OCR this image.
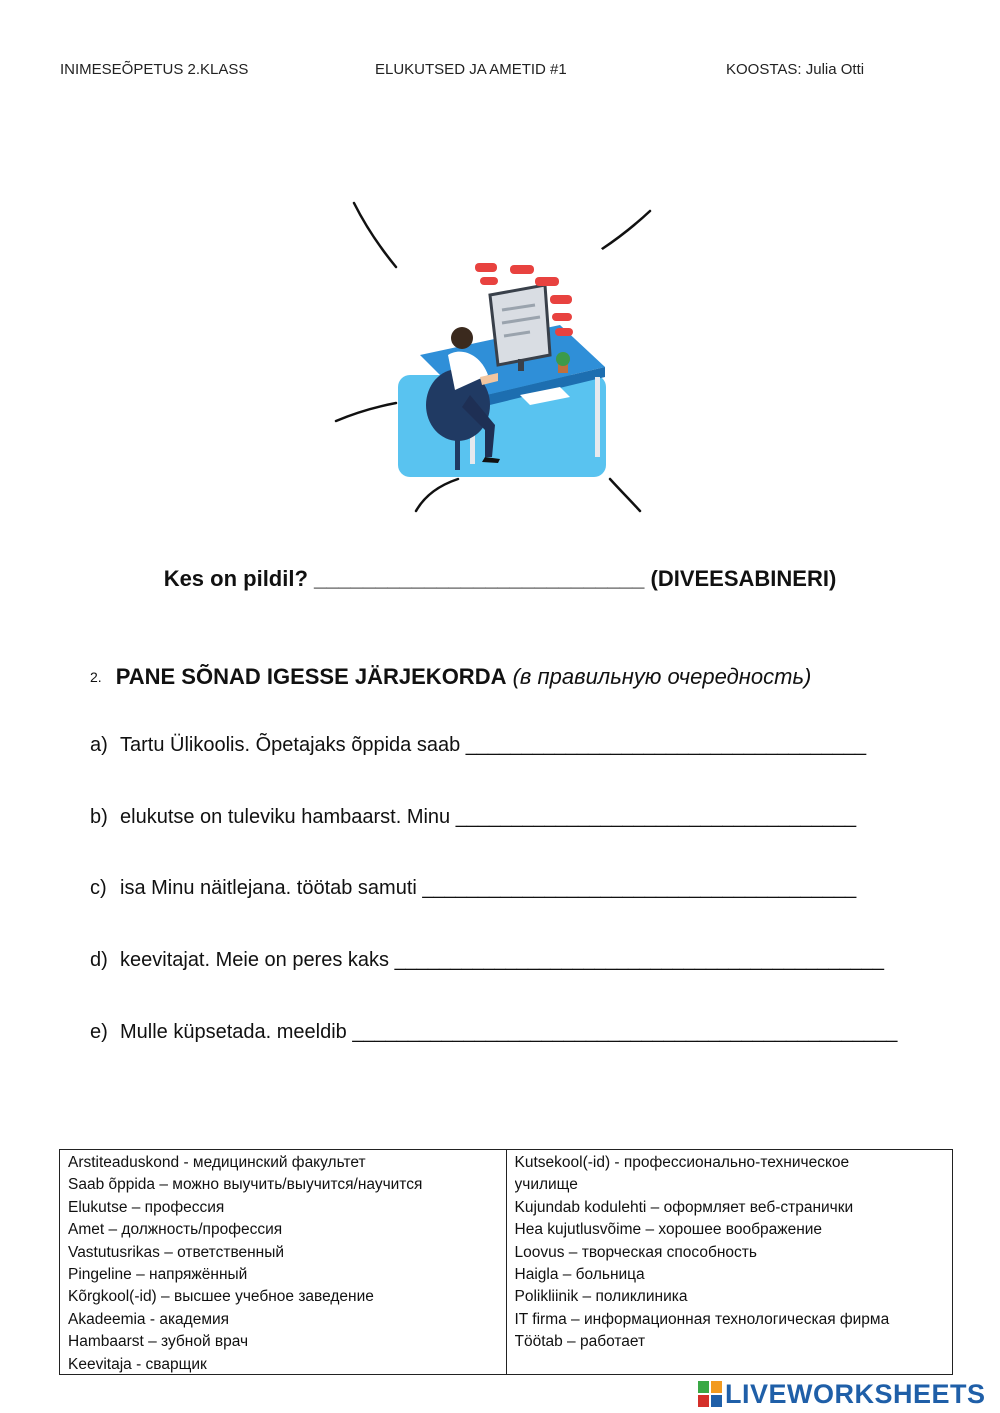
INIMESEÕPETUS 2.KLASS	ELUKUTSED JA AMETID #1	KOOSTAS: Julia Otti
Kes on pildil? ___________________________ (DIVEESABINERI)
2. PANE SÕNAD IGESSE JÄRJEKORDA (в правильную очередность)
a) Tartu Ülikoolis. Õpetajaks õppida saab ____________________________________
b) elukutse on tuleviku hambaarst. Minu ____________________________________
c) isa Minu näitlejana. töötab samuti _______________________________________
d) keevitajat. Meie on peres kaks ____________________________________________
e) Mulle küpsetada. meeldib _________________________________________________
Arstiteaduskond - медицинский факультет
Saab õppida – можно выучить/выучится/научится
Elukutse – профессия
Amet – должность/профессия
Vastutusrikas – ответственный
Pingeline – напряжённый
Kõrgkool(-id) – высшее учебное заведение
Akadeemia - академия
Hambaarst – зубной врач
Keevitaja - сварщик
Kutsekool(-id) - профессионально-техническое
училище
Kujundab kodulehti – оформляет веб-странички
Hea kujutlusvõime – хорошее воображение
Loovus – творческая способность
Haigla – больница
Polikliinik – поликлиника
IT firma – информационная технологическая фирма
Töötab – работает
LIVEWORKSHEETS
